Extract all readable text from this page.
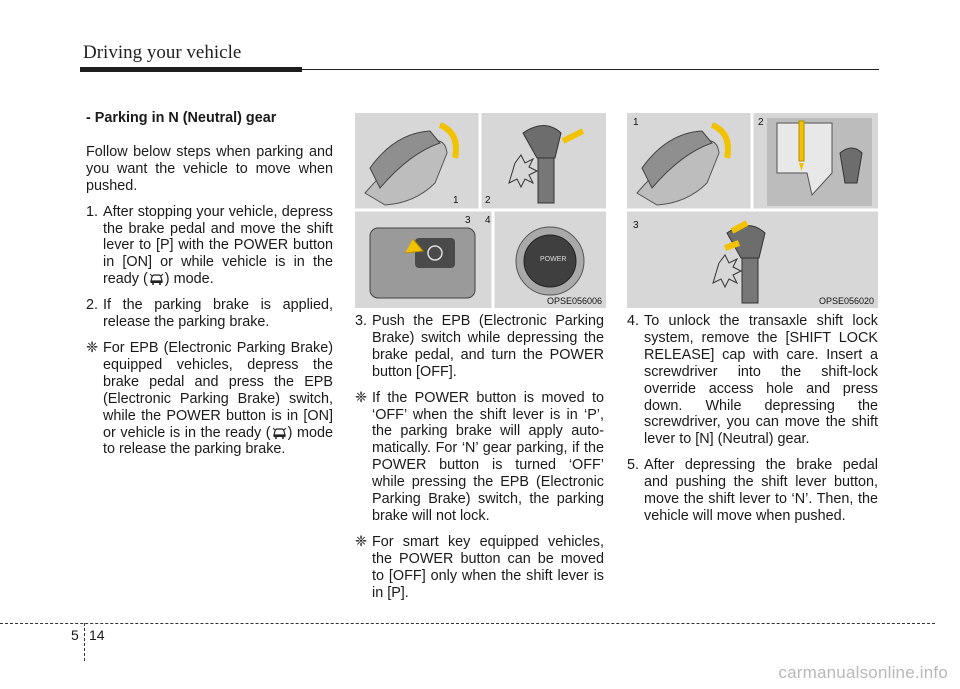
Driving your vehicle

- Parking in N (Neutral) gear

Follow below steps when parking and you want the vehicle to move when pushed.

1. After stopping your vehicle, depress the brake pedal and move the shift lever to [P] with the POWER button in [ON] or while vehicle is in the ready ( ) mode.
2. If the parking brake is applied, release the parking brake.
❈ For EPB (Electronic Parking Brake) equipped vehicles, depress the brake pedal and press the EPB (Electronic Parking Brake) switch, while the POWER button is in [ON] or vehicle is in the ready ( ) mode to release the parking brake.
POWER
1	2
3 4
OPSE056006
1	2
3
OPSE056020
3. Push the EPB (Electronic Parking Brake) switch while depressing the brake pedal, and turn the POWER button [OFF].
❈ If the POWER button is moved to ‘OFF’ when the shift lever is in ‘P’, the parking brake will apply auto-matically. For ‘N’ gear parking, if the POWER button is turned ‘OFF’ while pressing the EPB (Electronic Parking Brake) switch, the parking brake will not lock.
❈ For smart key equipped vehicles, the POWER button can be moved to [OFF] only when the shift lever is in [P].
4. To unlock the transaxle shift lock system, remove the [SHIFT LOCK RELEASE] cap with care. Insert a screwdriver into the shift-lock override access hole and press down. While depressing the screwdriver, you can move the shift lever to [N] (Neutral) gear.
5. After depressing the brake pedal and pushing the shift lever button, move the shift lever to ‘N’. Then, the vehicle will move when pushed.
5 14
carmanualsonline.info
